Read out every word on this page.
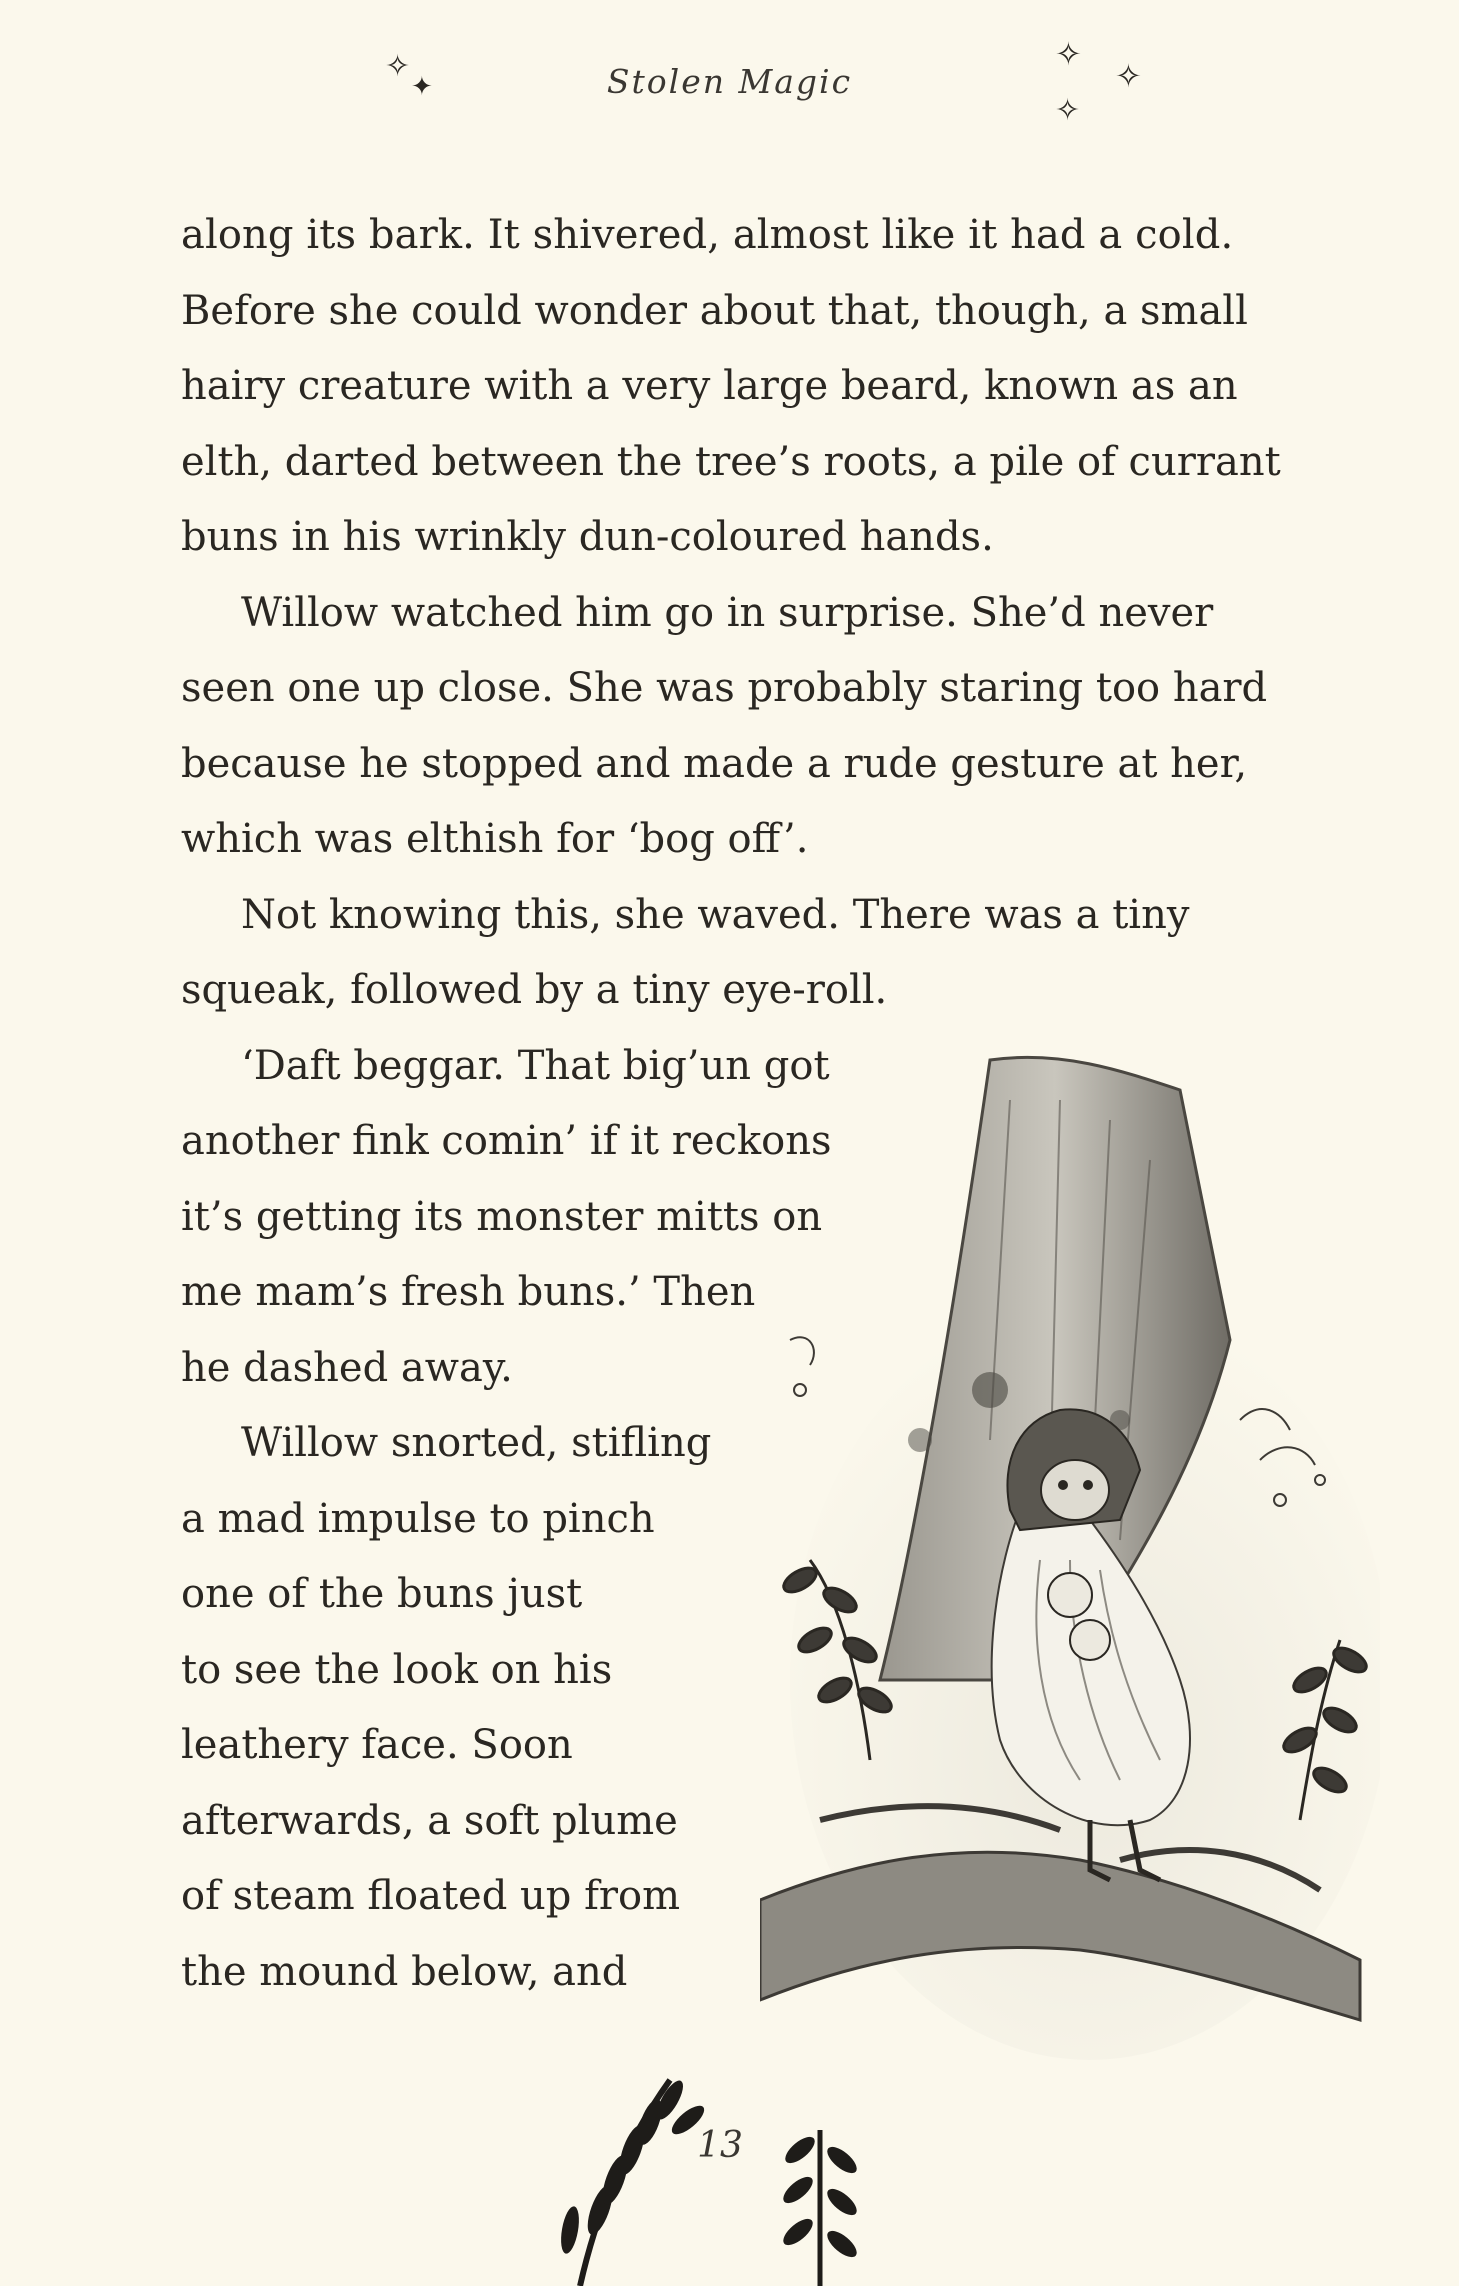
✧
✦	Stolen Magic
✧
✧
✧

along its bark. It shivered, almost like it had a cold.
Before she could wonder about that, though, a small
hairy creature with a very large beard, known as an
elth, darted between the tree’s roots, a pile of currant
buns in his wrinkly dun-coloured hands.

Willow watched him go in surprise. She’d never
seen one up close. She was probably staring too hard
because he stopped and made a rude gesture at her,
which was elthish for ‘bog off’.

Not knowing this, she waved. There was a tiny
squeak, followed by a tiny eye-roll.

‘Daft beggar. That big’un got
another fink comin’ if it reckons
it’s getting its monster mitts on
me mam’s fresh buns.’ Then
he dashed away.

Willow snorted, stifling
a mad impulse to pinch
one of the buns just
to see the look on his
leathery face. Soon
afterwards, a soft plume
of steam floated up from
the mound below, and

13
